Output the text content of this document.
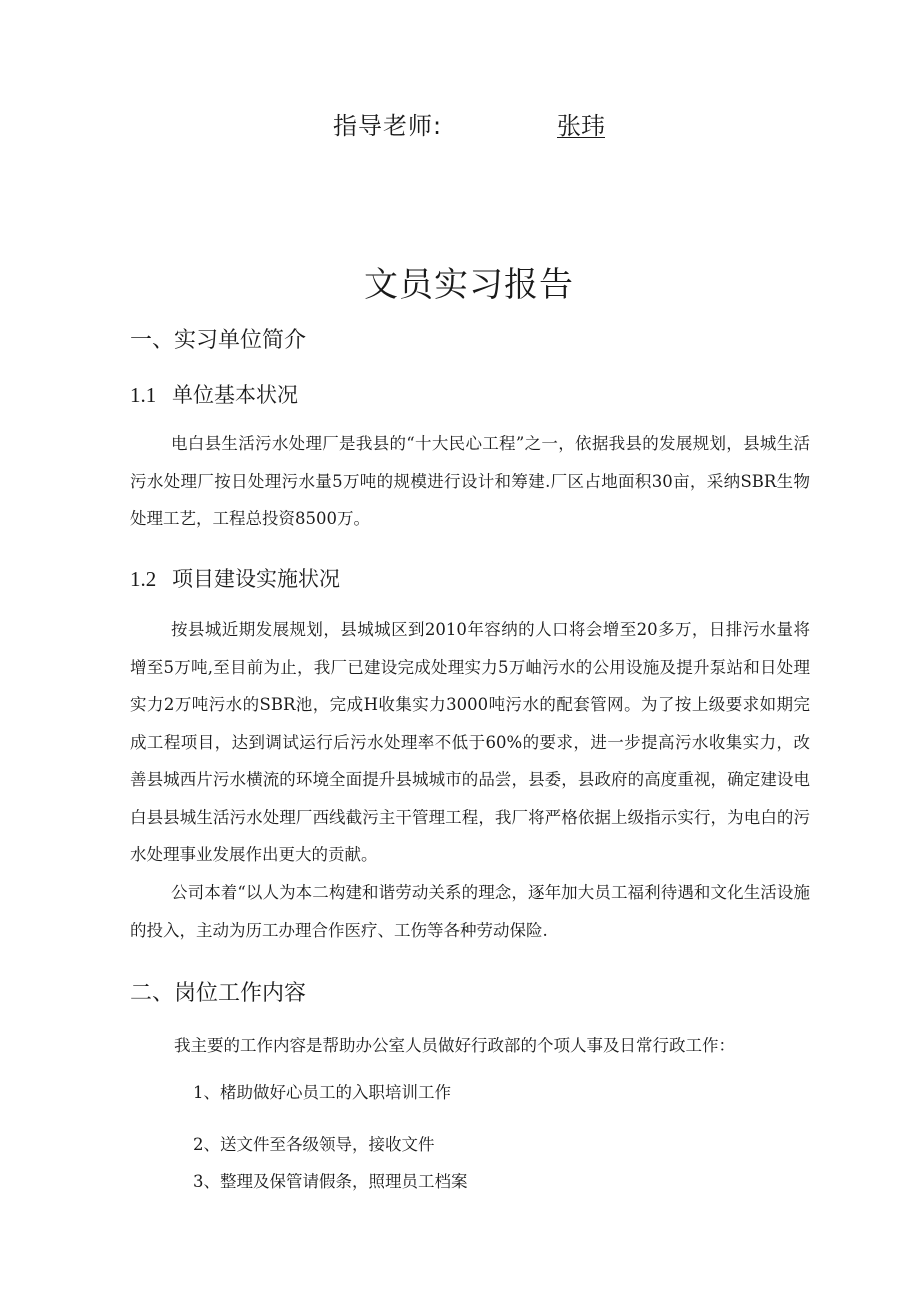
指导老师:	张玮
文员实习报告
一、实习单位简介
1.1 单位基本状况

电白县生活污水处理厂是我县的“十大民心工程”之一，依据我县的发展规划，县城生活污水处理厂按日处理污水量5万吨的规模进行设计和筹建.厂区占地面积30亩，采纳SBR生物处理工艺，工程总投资8500万。

1.2 项目建设实施状况

按县城近期发展规划，县城城区到2010年容纳的人口将会增至20多万，日排污水量将增至5万吨,至目前为止，我厂已建设完成处理实力5万岫污水的公用设施及提升泵站和日处理实力2万吨污水的SBR池，完成H收集实力3000吨污水的配套管网。为了按上级要求如期完成工程项目，达到调试运行后污水处理率不低于60%的要求，进一步提高污水收集实力，改善县城西片污水横流的环境全面提升县城城市的品尝，县委，县政府的高度重视，确定建设电白县县城生活污水处理厂西线截污主干管理工程，我厂将严格依据上级指示实行，为电白的污水处理事业发展作出更大的贡献。

公司本着“以人为本二构建和谐劳动关系的理念，逐年加大员工福利待遇和文化生活设施的投入，主动为历工办理合作医疗、工伤等各种劳动保险.

二、岗位工作内容
我主要的工作内容是帮助办公室人员做好行政部的个项人事及日常行政工作：
1、楮助做好心员工的入职培训工作
2、送文件至各级领导，接收文件
3、整理及保管请假条，照理员工档案
